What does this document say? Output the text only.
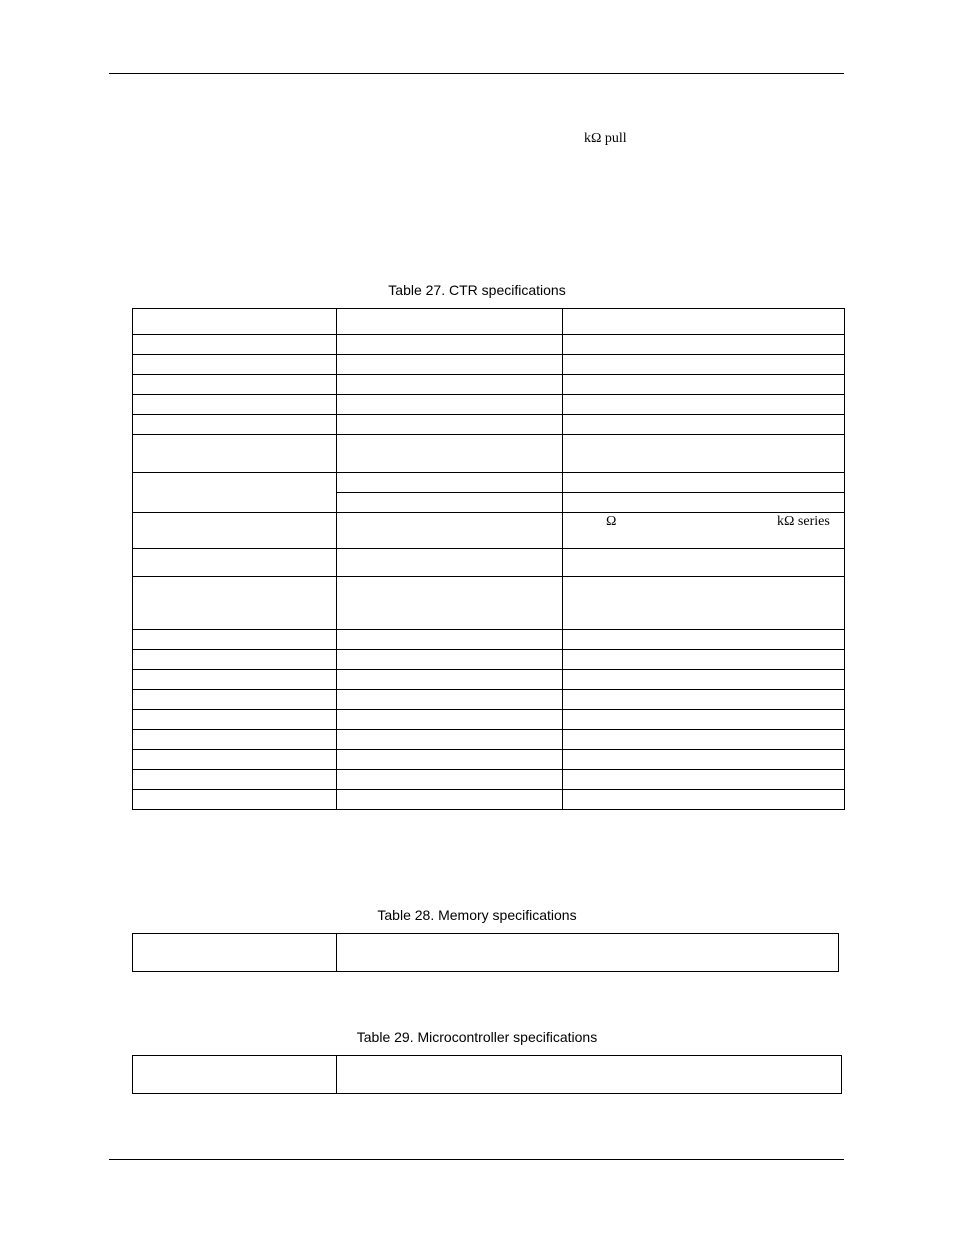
kΩ pull
Table 27. CTR specifications
Ω	kΩ series
Table 28. Memory specifications
Table 29. Microcontroller specifications
